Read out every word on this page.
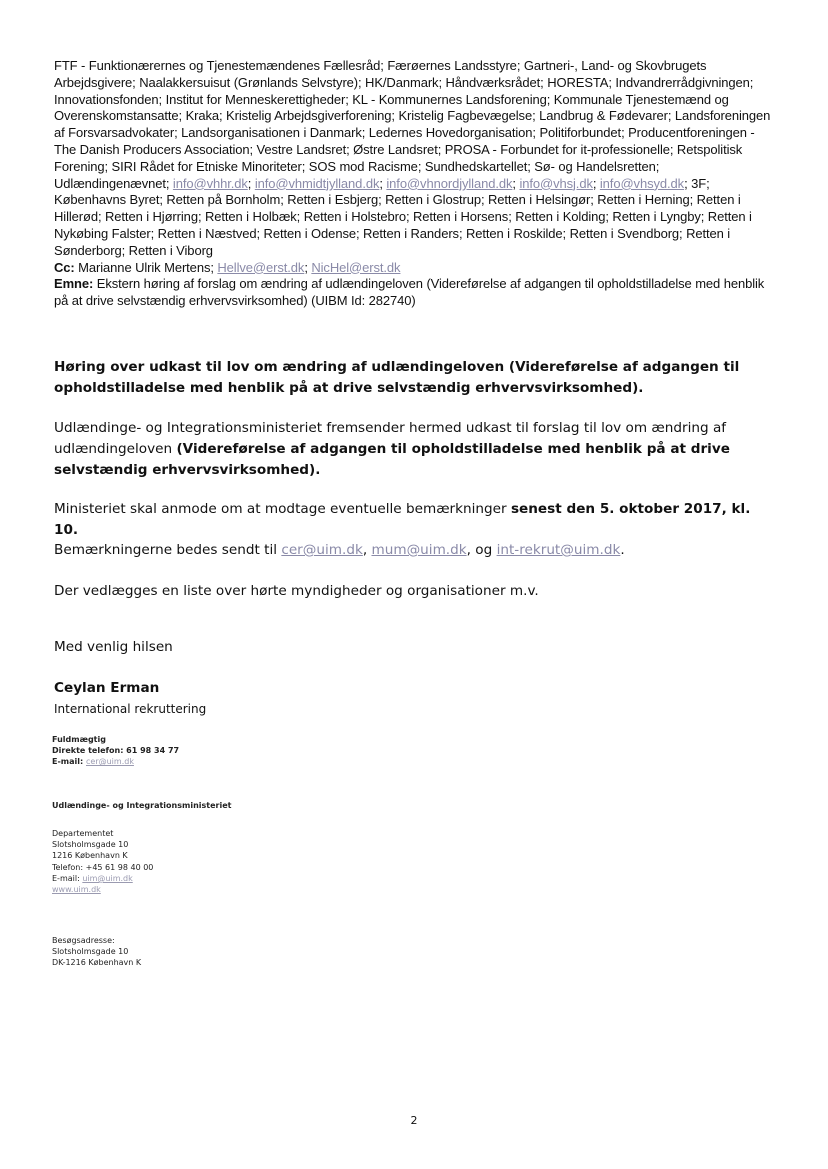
FTF - Funktionærernes og Tjenestemændenes Fællesråd; Færøernes Landsstyre; Gartneri-, Land- og Skovbrugets Arbejdsgivere; Naalakkersuisut (Grønlands Selvstyre); HK/Danmark; Håndværksrådet; HORESTA; Indvandrerrådgivningen; Innovationsfonden; Institut for Menneskerettigheder; KL - Kommunernes Landsforening; Kommunale Tjenestemænd og Overenskomstansatte; Kraka; Kristelig Arbejdsgiverforening; Kristelig Fagbevægelse; Landbrug & Fødevarer; Landsforeningen af Forsvarsadvokater; Landsorganisationen i Danmark; Ledernes Hovedorganisation; Politiforbundet; Producentforeningen - The Danish Producers Association; Vestre Landsret; Østre Landsret; PROSA - Forbundet for it-professionelle; Retspolitisk Forening; SIRI Rådet for Etniske Minoriteter; SOS mod Racisme; Sundhedskartellet; Sø- og Handelsretten; Udlændingenævnet; info@vhhr.dk; info@vhmidtjylland.dk; info@vhnordjylland.dk; info@vhsj.dk; info@vhsyd.dk; 3F; Københavns Byret; Retten på Bornholm; Retten i Esbjerg; Retten i Glostrup; Retten i Helsingør; Retten i Herning; Retten i Hillerød; Retten i Hjørring; Retten i Holbæk; Retten i Holstebro; Retten i Horsens; Retten i Kolding; Retten i Lyngby; Retten i Nykøbing Falster; Retten i Næstved; Retten i Odense; Retten i Randers; Retten i Roskilde; Retten i Svendborg; Retten i Sønderborg; Retten i Viborg
Cc: Marianne Ulrik Mertens; Hellve@erst.dk; NicHel@erst.dk
Emne: Ekstern høring af forslag om ændring af udlændingeloven (Videreførelse af adgangen til opholdstilladelse med henblik på at drive selvstændig erhvervsvirksomhed) (UIBM Id: 282740)
Høring over udkast til lov om ændring af udlændingeloven (Videreførelse af adgangen til opholdstilladelse med henblik på at drive selvstændig erhvervsvirksomhed).
Udlændinge- og Integrationsministeriet fremsender hermed udkast til forslag til lov om ændring af udlændingeloven (Videreførelse af adgangen til opholdstilladelse med henblik på at drive selvstændig erhvervsvirksomhed).
Ministeriet skal anmode om at modtage eventuelle bemærkninger senest den 5. oktober 2017, kl. 10.
Bemærkningerne bedes sendt til cer@uim.dk, mum@uim.dk, og int-rekrut@uim.dk.
Der vedlægges en liste over hørte myndigheder og organisationer m.v.
Med venlig hilsen
Ceylan Erman
International rekruttering
Fuldmægtig
Direkte telefon: 61 98 34 77
E-mail: cer@uim.dk
Udlændinge- og Integrationsministeriet
Departementet
Slotsholmsgade 10
1216 København K
Telefon: +45 61 98 40 00
E-mail: uim@uim.dk
www.uim.dk
Besøgsadresse:
Slotsholmsgade 10
DK-1216 København K
2
